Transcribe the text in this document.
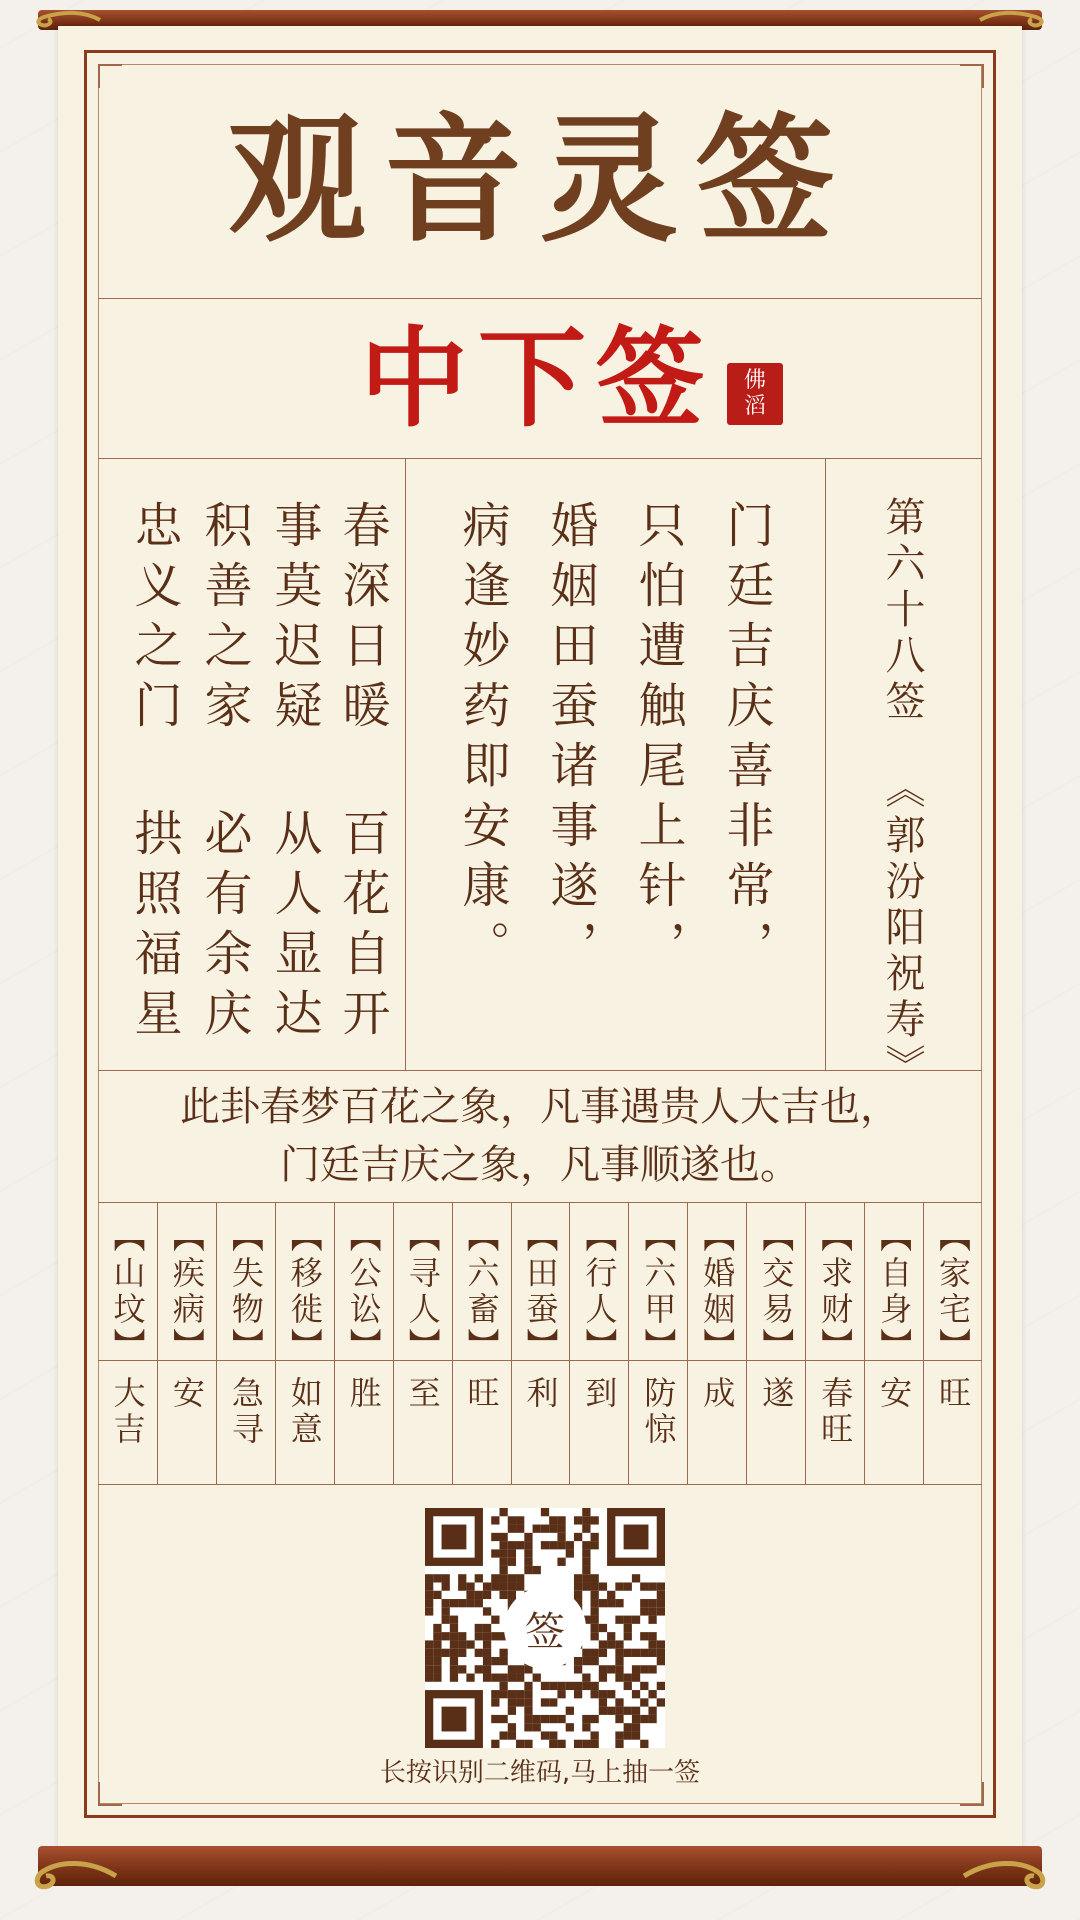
观音灵签
中下签 佛
滔
第六十八签
《郭汾阳祝寿》
门廷吉庆喜非常，
只怕遭触尾上针，
婚姻田蚕诸事遂，
病逢妙药即安康。
春深日暖 百花自开
事莫迟疑 从人显达
积善之家 必有余庆
忠义之门 拱照福星

此卦春梦百花之象，凡事遇贵人大吉也，

门廷吉庆之象，凡事顺遂也。

【家宅】
旺
【自身】
安
【求财】
春旺
【交易】
遂
【婚姻】
成
【六甲】
防惊
【行人】
到
【田蚕】
利
【六畜】
旺
【寻人】
至
【公讼】
胜
【移徙】
如意
【失物】
急寻
【疾病】
安
【山坟】
大吉
签
长按识别二维码,马上抽一签
